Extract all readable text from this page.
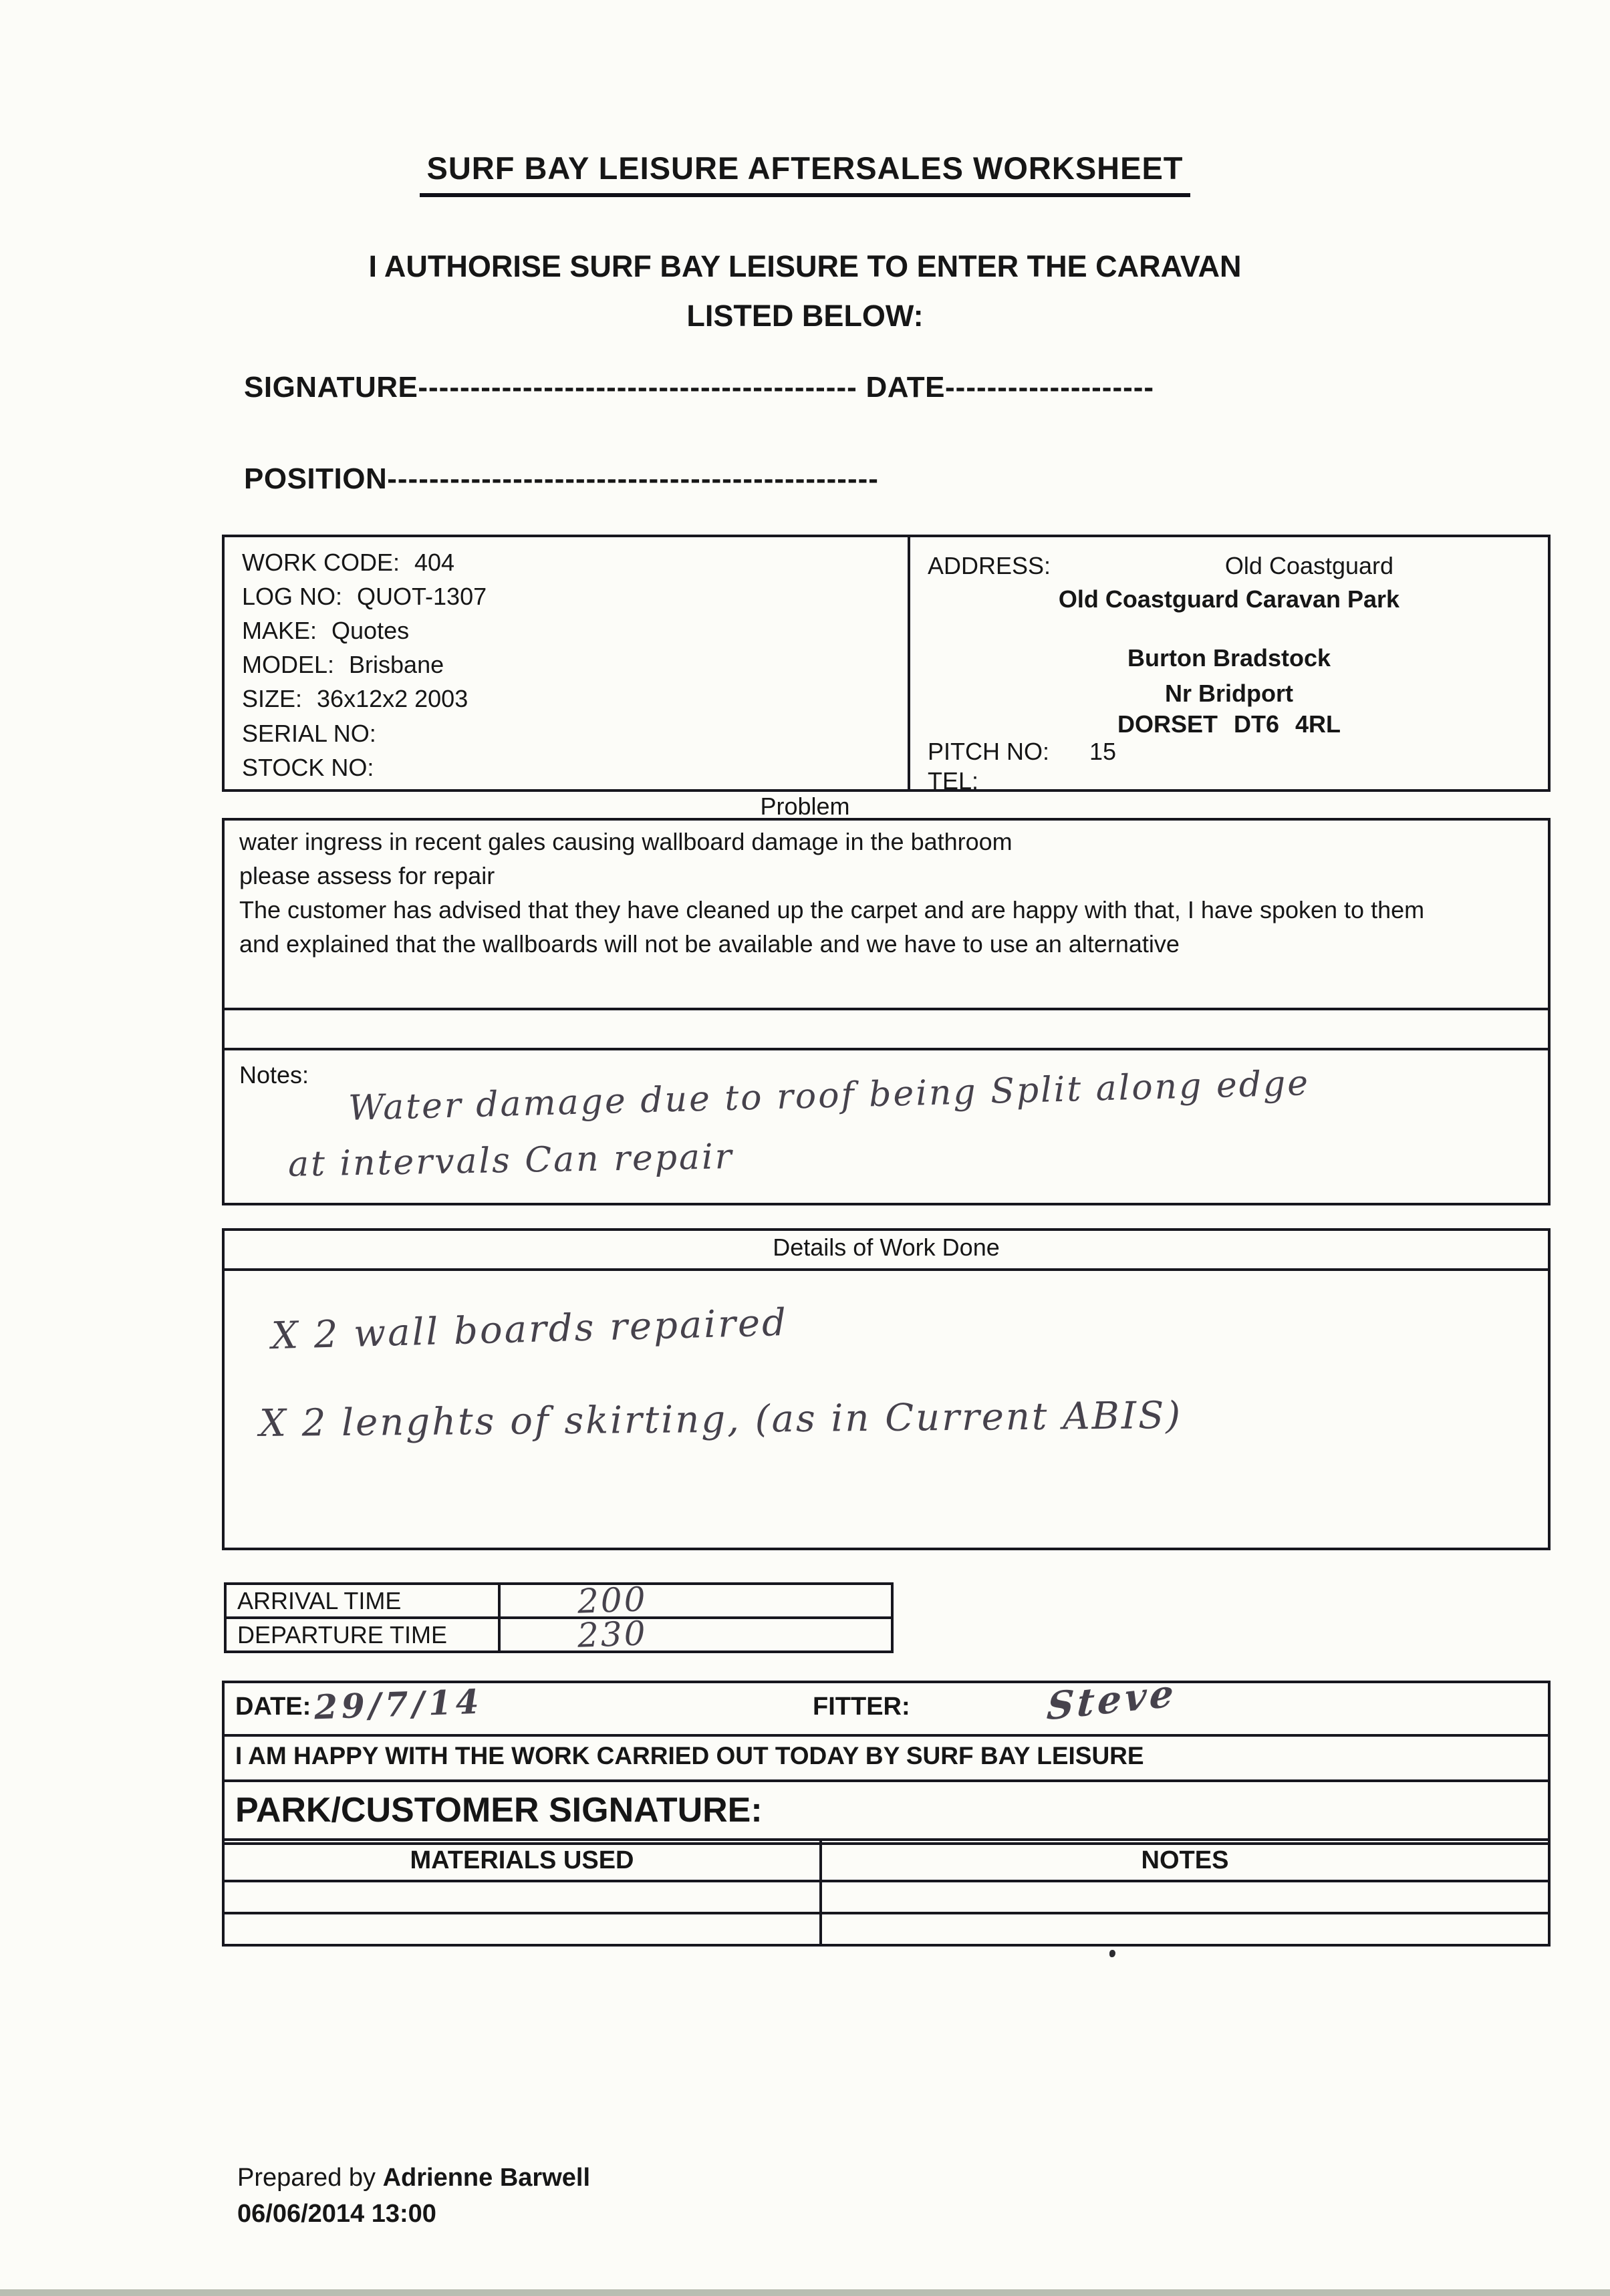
SURF BAY LEISURE AFTERSALES WORKSHEET
I AUTHORISE SURF BAY LEISURE TO ENTER THE CARAVAN
LISTED BELOW:
SIGNATURE------------------------------------------ DATE--------------------
POSITION-----------------------------------------------
WORK CODE: 404
LOG NO: QUOT-1307
MAKE: Quotes
MODEL: Brisbane
SIZE: 36x12x2 2003
SERIAL NO:
STOCK NO:
ADDRESS:	Old Coastguard
Old Coastguard Caravan Park
Burton Bradstock
Nr Bridport
DORSET DT6 4RL
PITCH NO: 15
TEL:
Problem
water ingress in recent gales causing wallboard damage in the bathroom
please assess for repair
The customer has advised that they have cleaned up the carpet and are happy with that, I have spoken to them
and explained that the wallboards will not be available and we have to use an alternative
Notes: Water damage due to roof being Split along edge
at intervals Can repair
Details of Work Done
X 2 wall boards repaired
X 2 lenghts of skirting, (as in Current ABIS)
ARRIVAL TIME	200
DEPARTURE TIME	230
DATE: 29/7/14	FITTER:	Steve
I AM HAPPY WITH THE WORK CARRIED OUT TODAY BY SURF BAY LEISURE
PARK/CUSTOMER SIGNATURE:
MATERIALS USED	NOTES
Prepared by Adrienne Barwell
06/06/2014 13:00
